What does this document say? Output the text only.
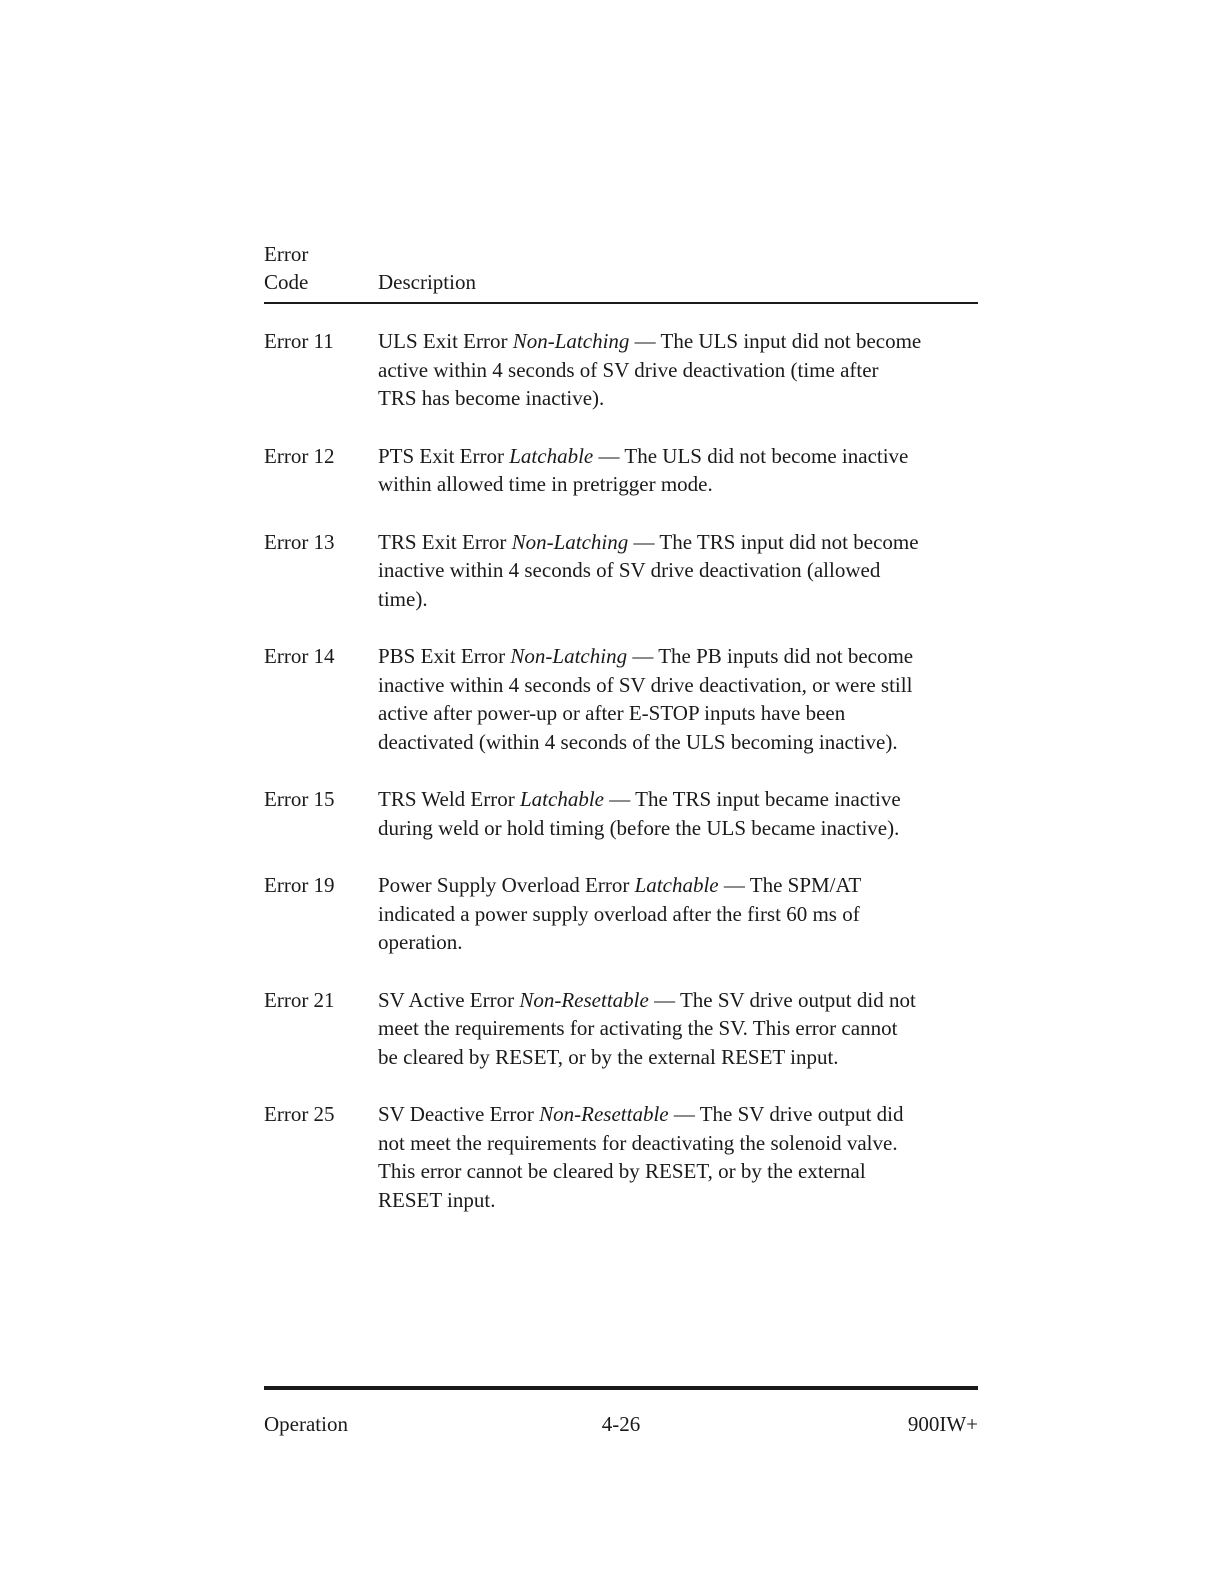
Error
Code	Description
Error 11 ULS Exit Error Non-Latching — The ULS input did not become
active within 4 seconds of SV drive deactivation (time after
TRS has become inactive).
Error 12 PTS Exit Error Latchable — The ULS did not become inactive
within allowed time in pretrigger mode.
Error 13 TRS Exit Error Non-Latching — The TRS input did not become
inactive within 4 seconds of SV drive deactivation (allowed
time).
Error 14 PBS Exit Error Non-Latching — The PB inputs did not become
inactive within 4 seconds of SV drive deactivation, or were still
active after power-up or after E-STOP inputs have been
deactivated (within 4 seconds of the ULS becoming inactive).
Error 15 TRS Weld Error Latchable — The TRS input became inactive
during weld or hold timing (before the ULS became inactive).
Error 19 Power Supply Overload Error Latchable — The SPM/AT
indicated a power supply overload after the first 60 ms of
operation.
Error 21 SV Active Error Non-Resettable — The SV drive output did not
meet the requirements for activating the SV. This error cannot
be cleared by RESET, or by the external RESET input.
Error 25 SV Deactive Error Non-Resettable — The SV drive output did
not meet the requirements for deactivating the solenoid valve.
This error cannot be cleared by RESET, or by the external
RESET input.
Operation	4-26	900IW+
